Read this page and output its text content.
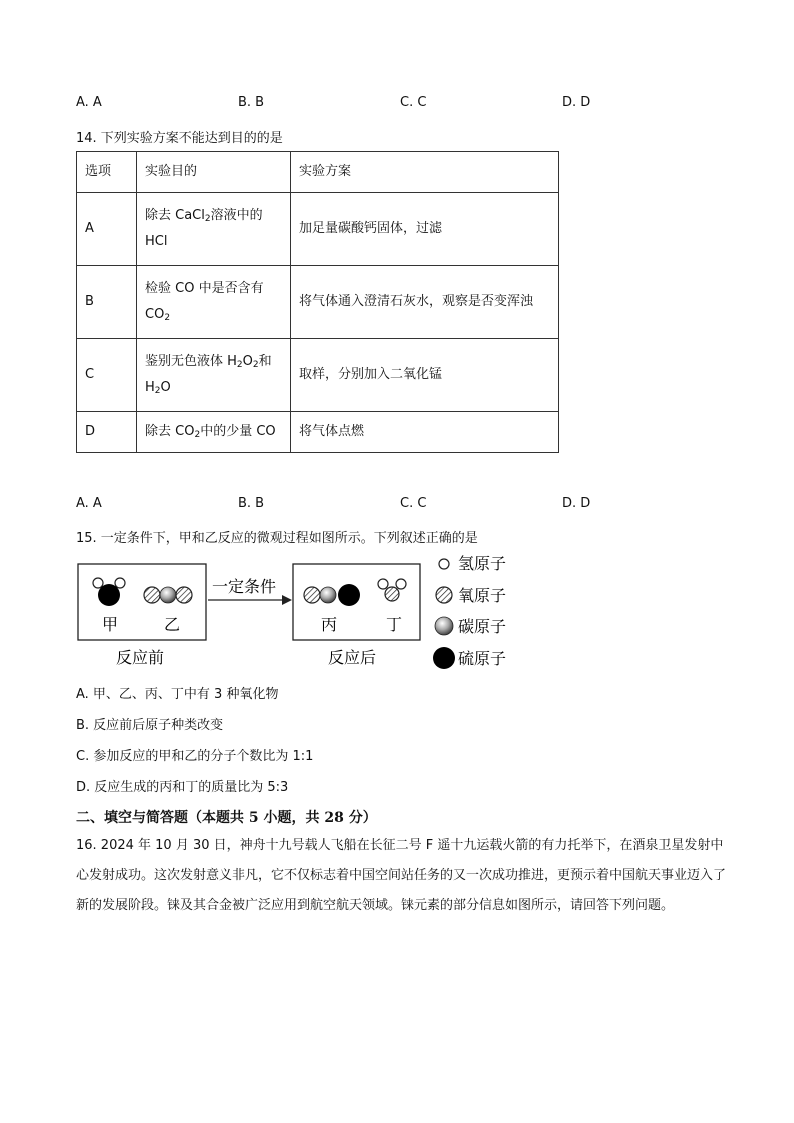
A. A	B. B	C. C	D. D
14. 下列实验方案不能达到目的的是
选项	实验目的	实验方案
A	除去 CaCl$_2$溶液中的 HCl	加足量碳酸钙固体，过滤
B	检验 CO 中是否含有 $CO_2$	将气体通入澄清石灰水，观察是否变浑浊
C	鉴别无色液体 $H_2O_2$和 $H_2O$	取样，分别加入二氧化锰
D	除去 $CO_2$中的少量 CO	将气体点燃
A. A	B. B	C. C	D. D
15. 一定条件下，甲和乙反应的微观过程如图所示。下列叙述正确的是
甲	乙
反应前
一定条件
丙	丁
反应后
氢原子
氧原子
碳原子
硫原子
A. 甲、乙、丙、丁中有 3 种氧化物
B. 反应前后原子种类改变
C. 参加反应的甲和乙的分子个数比为 1:1
D. 反应生成的丙和丁的质量比为 5:3
二、填空与简答题（本题共 5 小题，共 28 分）
16. 2024 年 10 月 30 日，神舟十九号载人飞船在长征二号 F 遥十九运载火箭的有力托举下，在酒泉卫星发射中心发射成功。这次发射意义非凡，它不仅标志着中国空间站任务的又一次成功推进，更预示着中国航天事业迈入了新的发展阶段。铼及其合金被广泛应用到航空航天领域。铼元素的部分信息如图所示，请回答下列问题。
